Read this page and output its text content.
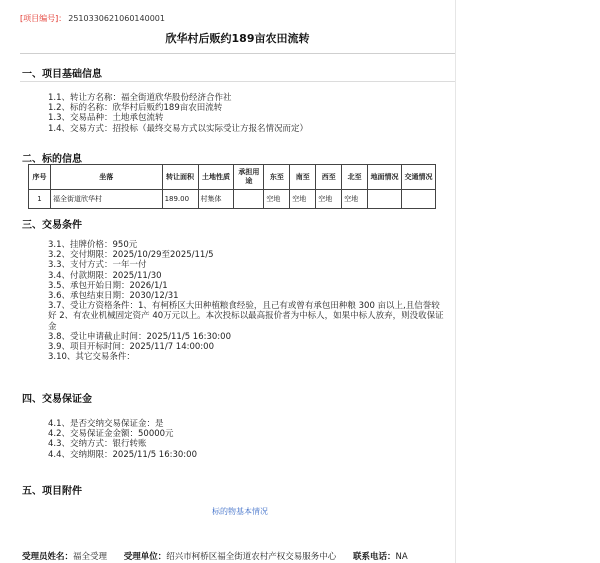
[项目编号]： 2510330621060140001
欣华村后贩约189亩农田流转
一、项目基础信息
1.1、转让方名称：福全街道欣华股份经济合作社
1.2、标的名称：欣华村后贩约189亩农田流转
1.3、交易品种：土地承包流转
1.4、交易方式：招投标（最终交易方式以实际受让方报名情况而定）
二、标的信息
序号	坐落	转让面积	土地性质	承担用途	东至	南至	西至	北至	地面情况	交通情况
1	福全街道欣华村	189.00	村集体		空地	空地	空地	空地		
三、交易条件
3.1、挂牌价格：950元
3.2、交付期限：2025/10/29至2025/11/5
3.3、支付方式：一年一付
3.4、付款期限：2025/11/30
3.5、承包开始日期：2026/1/1
3.6、承包结束日期：2030/12/31
3.7、受让方资格条件：1、有柯桥区大田种植粮食经验，且己有或曾有承包田种粮 300 亩以上,且信誉较好 2、有农业机械固定资产 40万元以上。本次投标以最高报价者为中标人，如果中标人放弃，则没收保证金
3.8、受让申请截止时间：2025/11/5 16:30:00
3.9、项目开标时间：2025/11/7 14:00:00
3.10、其它交易条件：
四、交易保证金
4.1、是否交纳交易保证金：是
4.2、交易保证金金额：50000元
4.3、交纳方式：银行转账
4.4、交纳期限：2025/11/5 16:30:00
五、项目附件
标的物基本情况
受理员姓名：福全受理 受理单位：绍兴市柯桥区福全街道农村产权交易服务中心 联系电话：NA
